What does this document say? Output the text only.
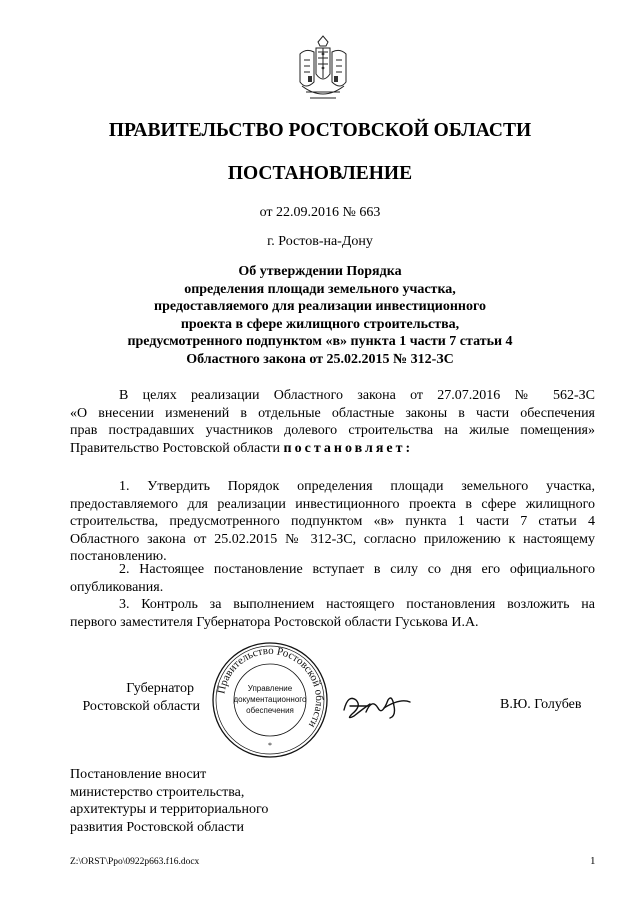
ПРАВИТЕЛЬСТВО РОСТОВСКОЙ ОБЛАСТИ
ПОСТАНОВЛЕНИЕ
от 22.09.2016 № 663
г. Ростов-на-Дону
Об утверждении Порядка
определения площади земельного участка,
предоставляемого для реализации инвестиционного
проекта в сфере жилищного строительства,
предусмотренного подпунктом «в» пункта 1 части 7 статьи 4
Областного закона от 25.02.2015 № 312-ЗС
В целях реализации Областного закона от 27.07.2016 № 562-ЗС
«О внесении изменений в отдельные областные законы в части обеспечения
прав пострадавших участников долевого строительства на жилые помещения»
Правительство Ростовской области постановляет:
1. Утвердить Порядок определения площади земельного участка,
предоставляемого для реализации инвестиционного проекта в сфере жилищного
строительства, предусмотренного подпунктом «в» пункта 1 части 7 статьи 4
Областного закона от 25.02.2015 № 312-ЗС, согласно приложению к настоящему
постановлению.
2. Настоящее постановление вступает в силу со дня его официального
опубликования.
3. Контроль за выполнением настоящего постановления возложить на
первого заместителя Губернатора Ростовской области Гуськова И.А.
Губернатор
Ростовской области
Правительство Ростовской области
Управление
документационного
обеспечения
*
В.Ю. Голубев
Постановление вносит
министерство строительства,
архитектуры и территориального
развития Ростовской области
Z:\ORST\Ppo\0922p663.f16.docx	1
